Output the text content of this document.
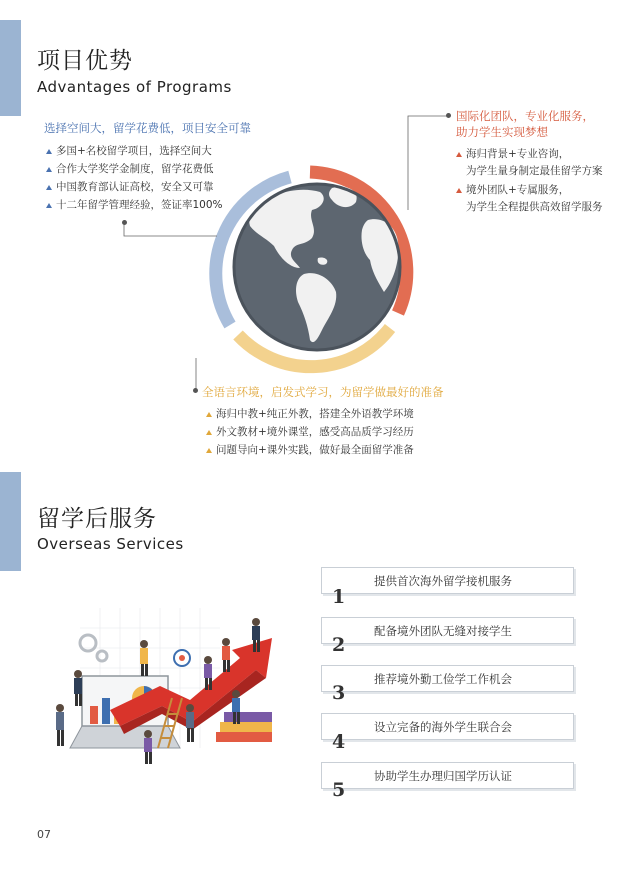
项目优势
Advantages of Programs
选择空间大，留学花费低，项目安全可靠
多国+名校留学项目，选择空间大
合作大学奖学金制度，留学花费低
中国教育部认证高校，安全又可靠
十二年留学管理经验，签证率100%
国际化团队，专业化服务，
助力学生实现梦想
海归背景+专业咨询，
为学生量身制定最佳留学方案
境外团队+专属服务，
为学生全程提供高效留学服务
全语言环境，启发式学习，为留学做最好的准备
海归中教+纯正外教，搭建全外语教学环境
外文教材+境外课堂，感受高品质学习经历
问题导向+课外实践，做好最全面留学准备
留学后服务
Overseas Services
提供首次海外留学接机服务
1
配备境外团队无缝对接学生
2
推荐境外勤工俭学工作机会
3
设立完备的海外学生联合会
4
协助学生办理归国学历认证
5
07
